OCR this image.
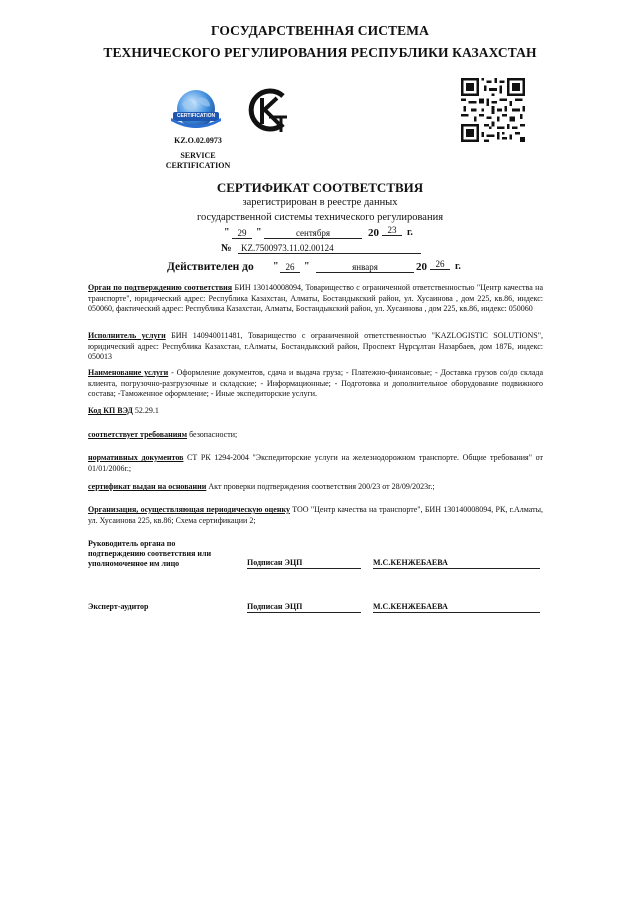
ГОСУДАРСТВЕННАЯ СИСТЕМА
ТЕХНИЧЕСКОГО РЕГУЛИРОВАНИЯ РЕСПУБЛИКИ КАЗАХСТАН
CERTIFICATION
KZ.O.02.0973
SERVICE
CERTIFICATION
СЕРТИФИКАТ СООТВЕТСТВИЯ
зарегистрирован в реестре данных
государственной системы технического регулирования
" 29 "	сентября	20 23	г.
№	KZ.7500973.11.02.00124
Действителен до " 26 "	января	20 26	г.
Орган по подтверждению соответствия БИН 130140008094, Товарищество с ограниченной ответственностью "Центр качества на транспорте", юридический адрес: Республика Казахстан, Алматы, Бостандыкский район, ул. Хусаинова , дом 225, кв.86, индекс: 050060, фактический адрес: Республика Казахстан, Алматы, Бостандыкский район, ул. Хусаинова , дом 225, кв.86, индекс: 050060
Исполнитель услуги БИН 140940011481, Товарищество с ограниченной ответственностью "KAZLOGISTIC SOLUTIONS", юридический адрес: Республика Казахстан, г.Алматы, Бостандыкский район, Проспект Нұрсұлтан Назарбаев, дом 187Б, индекс: 050013
Наименование услуги - Оформление документов, сдача и выдача груза; - Платежно-финансовые; - Доставка грузов со/до склада клиента, погрузочно-разгрузочные и складские; - Информационные; - Подготовка и дополнительное оборудование подвижного состава; -Таможенное оформление; - Иные экспедиторские услуги.
Код КП ВЭД 52.29.1
соответствует требованиям безопасности;
нормативных документов СТ РК 1294-2004 "Экспедиторские услуги на железнодорожном транспорте. Общие требования" от 01/01/2006г.;
сертификат выдан на основании Акт проверки подтверждения соответствия 200/23 от 28/09/2023г.;
Организация, осуществляющая периодическую оценку ТОО "Центр качества на транспорте", БИН 130140008094, РК, г.Алматы, ул. Хусаинова 225, кв.86; Схема сертификации 2;
Руководитель органа по
подтверждению соответствия или
уполномоченное им лицо	Подписан ЭЦП	М.С.КЕНЖЕБАЕВА
Эксперт-аудитор	Подписан ЭЦП	М.С.КЕНЖЕБАЕВА
